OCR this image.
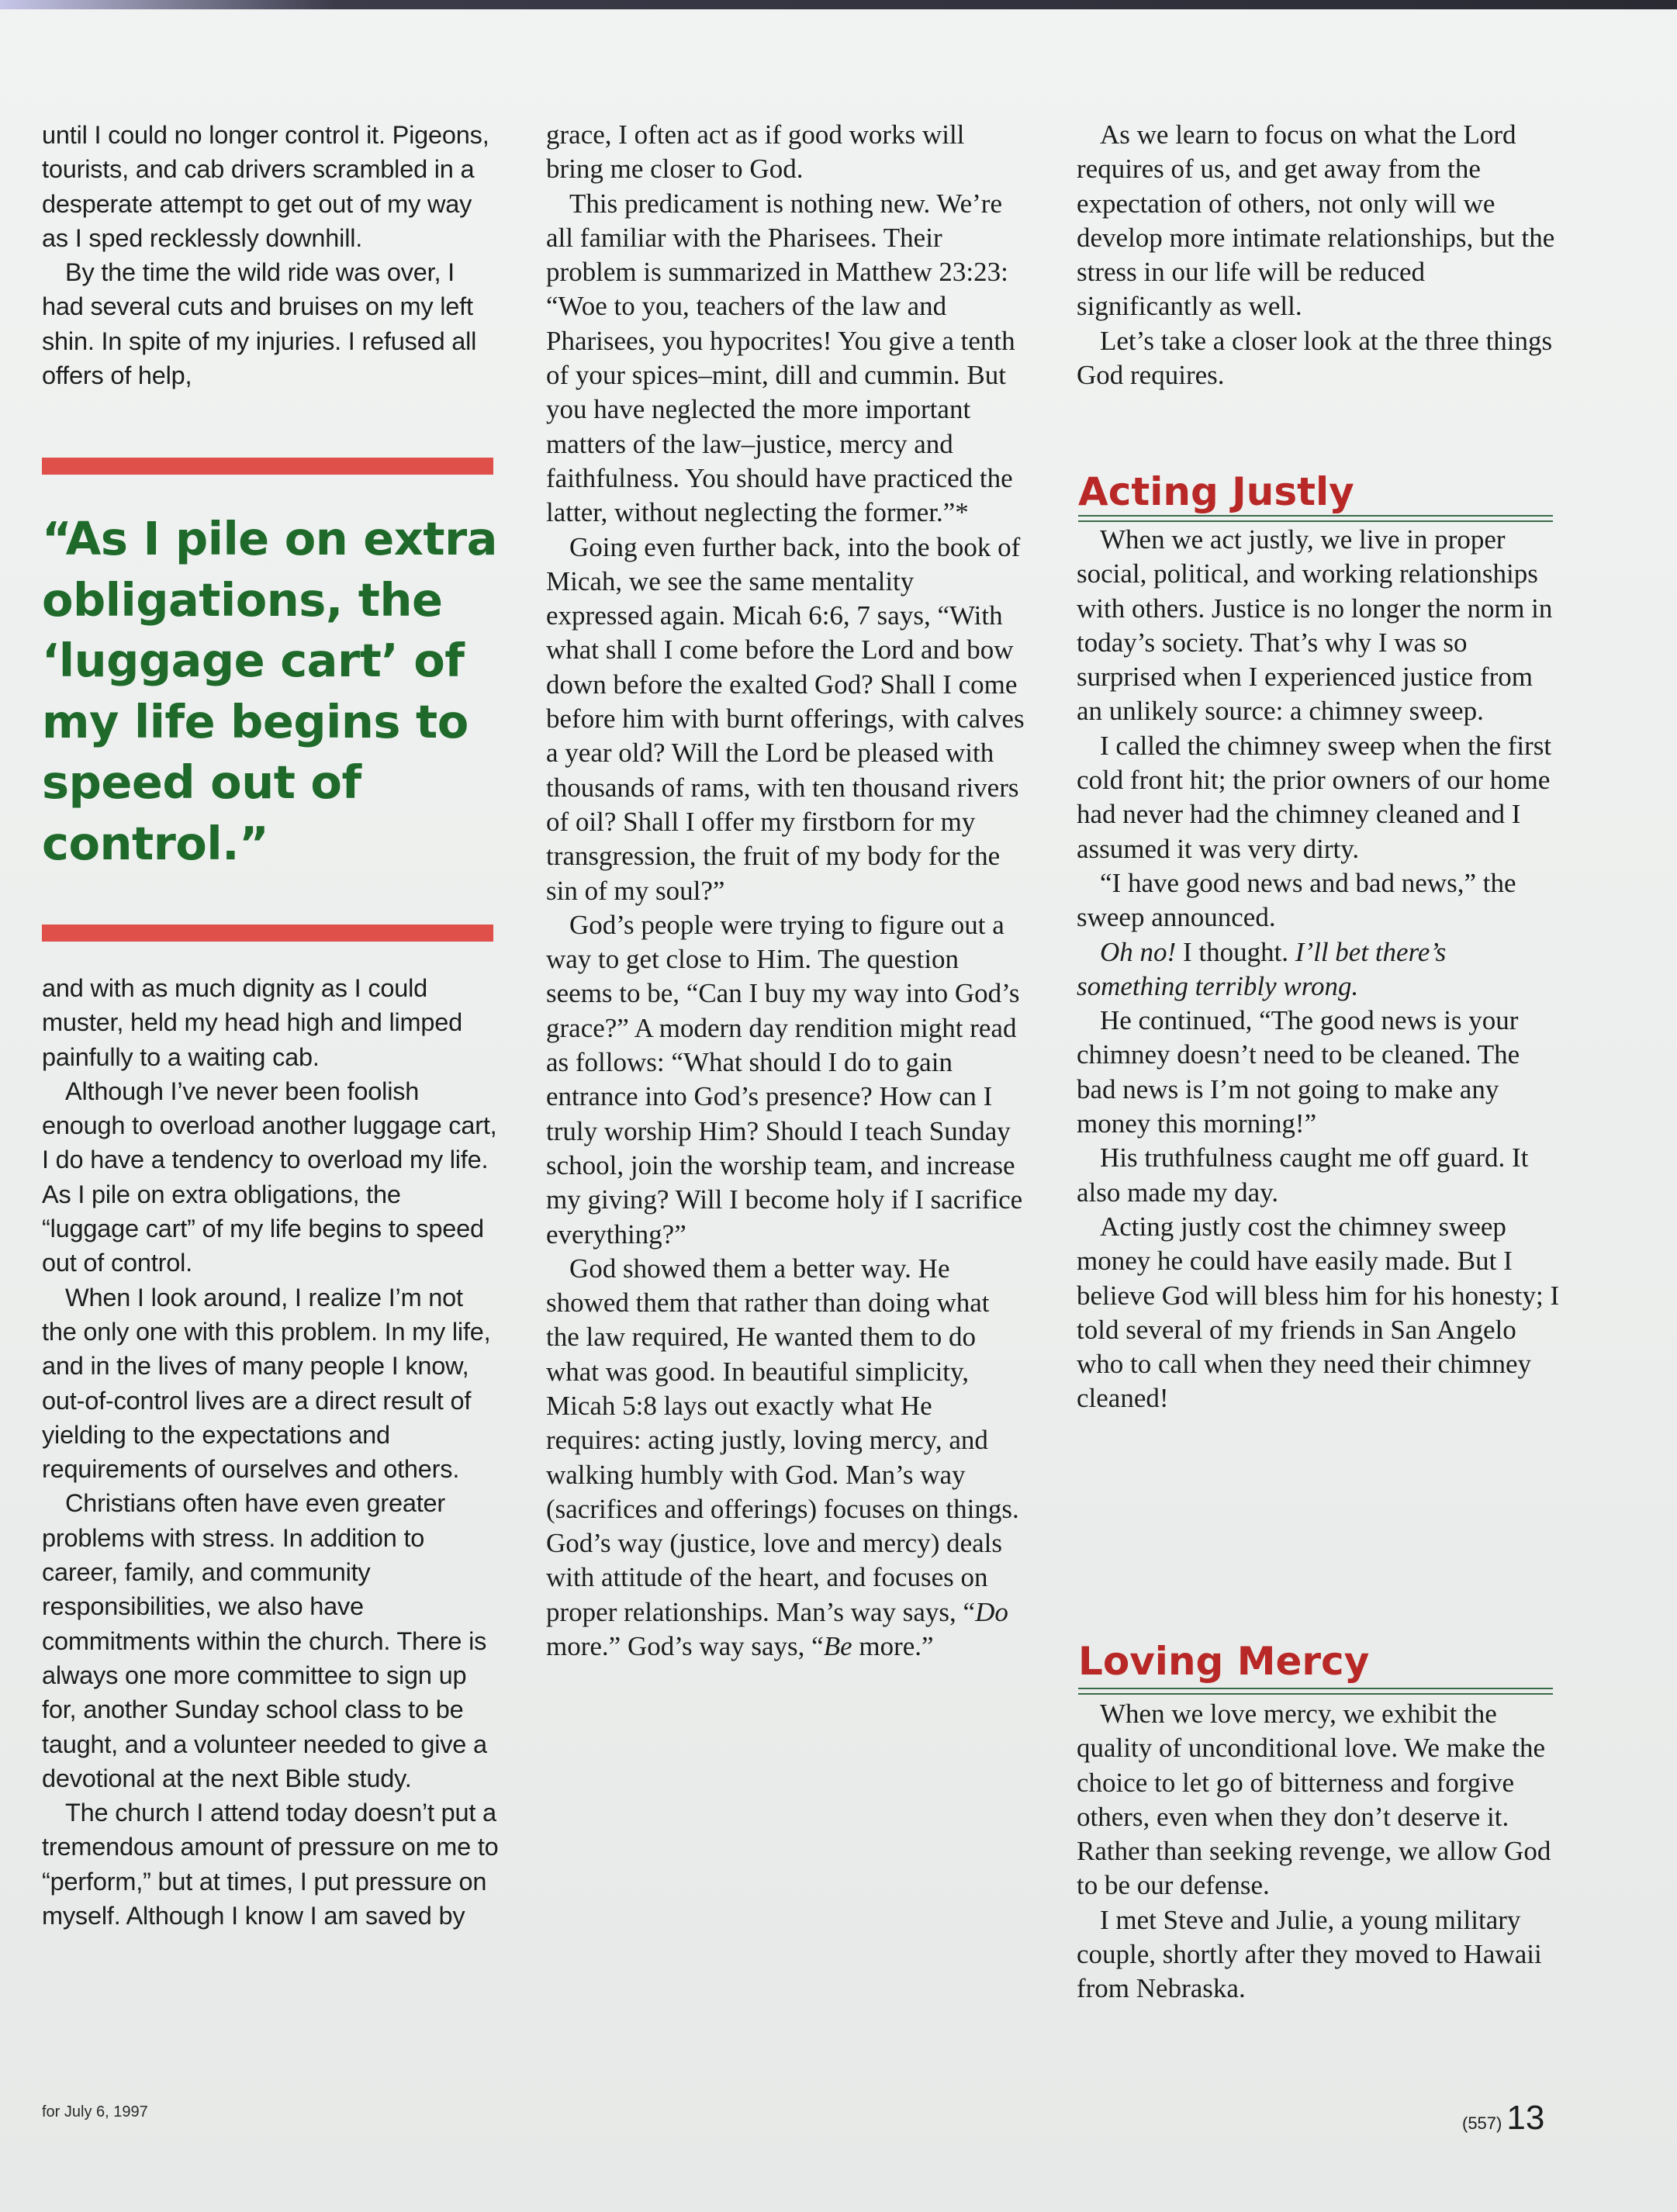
until I could no longer control it. Pigeons, tourists, and cab drivers scrambled in a desperate attempt to get out of my way as I sped recklessly downhill.

By the time the wild ride was over, I had several cuts and bruises on my left shin. In spite of my injuries. I refused all offers of help,

and with as much dignity as I could muster, held my head high and limped painfully to a waiting cab.

Although I’ve never been foolish enough to overload another luggage cart, I do have a tendency to overload my life. As I pile on extra obligations, the “luggage cart” of my life begins to speed out of control.

When I look around, I realize I’m not the only one with this problem. In my life, and in the lives of many people I know, out-of-control lives are a direct result of yielding to the expectations and requirements of ourselves and others.

Christians often have even greater problems with stress. In addition to career, family, and community responsibilities, we also have commitments within the church. There is always one more committee to sign up for, another Sunday school class to be taught, and a volunteer needed to give a devotional at the next Bible study.

The church I attend today doesn’t put a tremendous amount of pressure on me to “perform,” but at times, I put pressure on myself. Although I know I am saved by

“As I pile on extra obligations, the ‘luggage cart’ of my life begins to speed out of control.”

grace, I often act as if good works will bring me closer to God.

This predicament is nothing new. We’re all familiar with the Pharisees. Their problem is summarized in Matthew 23:23: “Woe to you, teachers of the law and Pharisees, you hypocrites! You give a tenth of your spices–mint, dill and cummin. But you have neglected the more important matters of the law–justice, mercy and faithfulness. You should have practiced the latter, without neglecting the former.”*

Going even further back, into the book of Micah, we see the same mentality expressed again. Micah 6:6, 7 says, “With what shall I come before the Lord and bow down before the exalted God? Shall I come before him with burnt offerings, with calves a year old? Will the Lord be pleased with thousands of rams, with ten thousand rivers of oil? Shall I offer my firstborn for my transgression, the fruit of my body for the sin of my soul?”

God’s people were trying to figure out a way to get close to Him. The question seems to be, “Can I buy my way into God’s grace?” A modern day rendition might read as follows: “What should I do to gain entrance into God’s presence? How can I truly worship Him? Should I teach Sunday school, join the worship team, and increase my giving? Will I become holy if I sacrifice everything?”

God showed them a better way. He showed them that rather than doing what the law required, He wanted them to do what was good. In beautiful simplicity, Micah 5:8 lays out exactly what He requires: acting justly, loving mercy, and walking humbly with God. Man’s way (sacrifices and offerings) focuses on things. God’s way (justice, love and mercy) deals with attitude of the heart, and focuses on proper relationships. Man’s way says, “Do more.” God’s way says, “Be more.”

As we learn to focus on what the Lord requires of us, and get away from the expectation of others, not only will we develop more intimate relationships, but the stress in our life will be reduced significantly as well.

Let’s take a closer look at the three things God requires.

Acting Justly

When we act justly, we live in proper social, political, and working relationships with others. Justice is no longer the norm in today’s society. That’s why I was so surprised when I experienced justice from an unlikely source: a chimney sweep.

I called the chimney sweep when the first cold front hit; the prior owners of our home had never had the chimney cleaned and I assumed it was very dirty.

“I have good news and bad news,” the sweep announced.

Oh no! I thought. I’ll bet there’s something terribly wrong.

He continued, “The good news is your chimney doesn’t need to be cleaned. The bad news is I’m not going to make any money this morning!”

His truthfulness caught me off guard. It also made my day.

Acting justly cost the chimney sweep money he could have easily made. But I believe God will bless him for his honesty; I told several of my friends in San Angelo who to call when they need their chimney cleaned!

Loving Mercy

When we love mercy, we exhibit the quality of unconditional love. We make the choice to let go of bitterness and forgive others, even when they don’t deserve it. Rather than seeking revenge, we allow God to be our defense.

I met Steve and Julie, a young military couple, shortly after they moved to Hawaii from Nebraska.

for July 6, 1997
(557) 13
